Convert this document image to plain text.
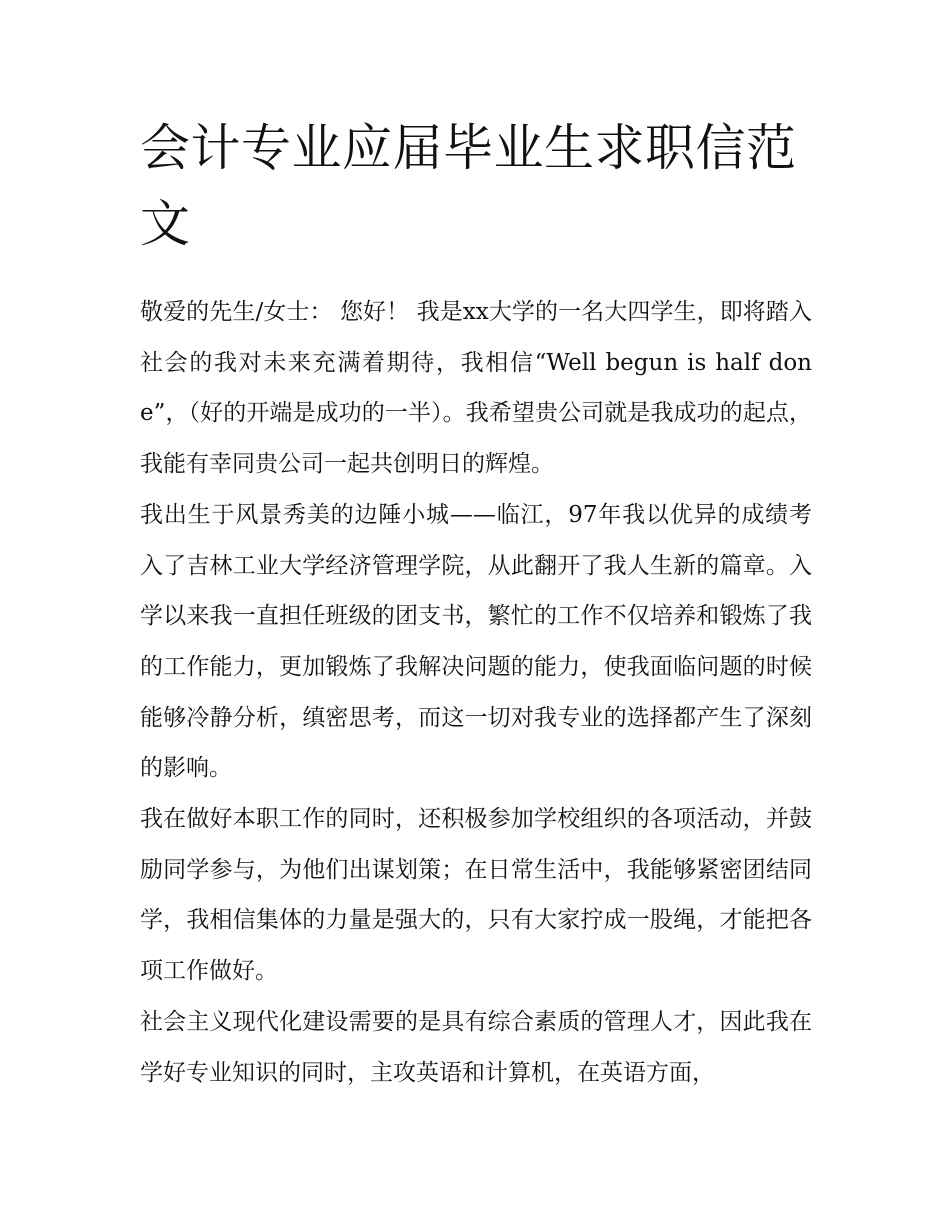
会计专业应届毕业生求职信范文

敬爱的先生/女士： 您好！ 我是xx大学的一名大四学生，即将踏入社会的我对未来充满着期待，我相信“Well begun is half done”，（好的开端是成功的一半）。我希望贵公司就是我成功的起点，我能有幸同贵公司一起共创明日的辉煌。

我出生于风景秀美的边陲小城——临江，97年我以优异的成绩考入了吉林工业大学经济管理学院，从此翻开了我人生新的篇章。入学以来我一直担任班级的团支书，繁忙的工作不仅培养和锻炼了我的工作能力，更加锻炼了我解决问题的能力，使我面临问题的时候能够冷静分析，缜密思考，而这一切对我专业的选择都产生了深刻的影响。

我在做好本职工作的同时，还积极参加学校组织的各项活动，并鼓励同学参与，为他们出谋划策；在日常生活中，我能够紧密团结同学，我相信集体的力量是强大的，只有大家拧成一股绳，才能把各项工作做好。

社会主义现代化建设需要的是具有综合素质的管理人才，因此我在学好专业知识的同时，主攻英语和计算机，在英语方面，
